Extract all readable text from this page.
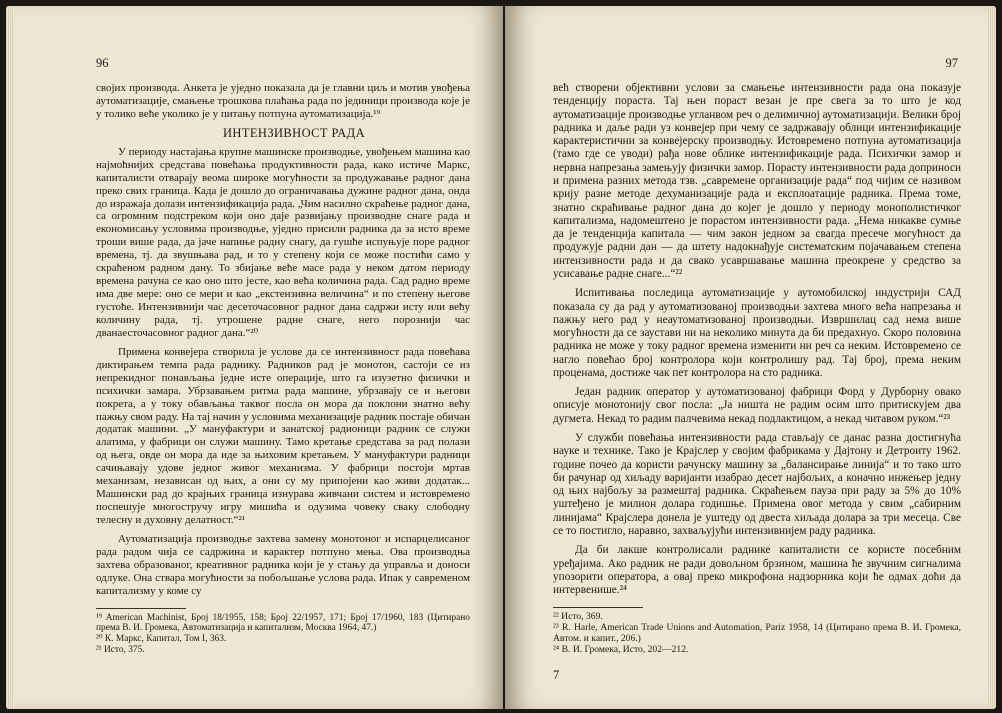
96

својих производа. Анкета је уједно показала да је главни циљ и мотив увођења аутоматизације, смањење трошкова плаћања рада по јединици производа које је у толико веће уколико је у питању потпуна аутоматизација.¹⁹

ИНТЕНЗИВНОСТ РАДА

У периоду настајања крупне машинске производње, увођењем машина као најмоћнијих средстава повећања продуктивности рада, како истиче Маркс, капиталисти отварају веома широке могућности за продужавање радног дана преко свих граница. Када је дошло до ограничавања дужине радног дана, онда до изражаја долази интензификација рада. „Чим насилно скраћење радног дана, са огромним подстреком који оно даје развијању производне снаге рада и економисању условима производње, уједно присили радника да за исто време троши више рада, да јаче напиње радну снагу, да гушће испуњује поре радног времена, тј. да звушњава рад, и то у степену који се може постићи само у скраћеном радном дану. То збијање веће масе рада у неком датом периоду времена рачуна се као оно што јесте, као већа количина рада. Сад радно време има две мере: оно се мери и као „екстензивна величина“ и по степену његове густоће. Интензивнији час десеточасовног радног дана садржи исту или већу количину рада, тј. утрошене радне снаге, него порознији час дванаесточасовног радног дана.“²⁰

Примена конвејера створила је услове да се интензивност рада повећава диктирањем темпа рада раднику. Радников рад је монотон, састоји се из непрекидног понављања једне исте операције, што га изузетно физички и психички замара. Убрзавањем ритма рада машине, убрзавају се и његови покрета, а у току обављања таквог посла он мора да поклони знатно већу пажњу свом раду. На тај начин у условима механизације радник постаје обичан додатак машини. „У мануфактури и занатској радионици радник се служи алатима, у фабрици он служи машину. Тамо кретање средстава за рад полази од њега, овде он мора да иде за њиховим кретањем. У мануфактури радници сачињавају удове једног живог механизма. У фабрици постоји мртав механизам, независан од њих, а они су му припојени као живи додатак... Машински рад до крајњих граница изнурава живчани систем и истовремено поспешује многостручу игру мишића и одузима човеку сваку слободну телесну и духовну делатност.“²¹

Аутоматизација производње захтева замену монотоног и испарцелисаног рада радом чија се садржина и карактер потпуно мења. Ова производња захтева образованог, креативног радника који је у стању да управља и доноси одлуке. Она ствара могућности за побољшање услова рада. Ипак у савременом капитализму у коме су

¹⁹ American Machinist, Број 18/1955, 158; Број 22/1957, 171; Број 17/1960, 183 (Цитирано према В. И. Громека, Автоматизација и капитализм, Москва 1964, 47.)
²⁰ К. Маркс, Капитал, Том I, 363.
²¹ Исто, 375.
97

већ створени објективни услови за смањење интензивности рада она показује тенденцију пораста. Тај њен пораст везан је пре свега за то што је код аутоматизације производње угланвом реч о делимичној аутоматизацији. Велики број радника и даље ради уз конвејер при чему се задржавају облици интензификације карактеристични за конвејерску производњу. Истовремено потпуна аутоматизација (тамо где се уводи) рађа нове облике интензификације рада. Психички замор и нервна напрезања замењују физички замор. Порасту интензивности рада доприноси и примена разних метода тзв. „савремене организације рада“ под чијим се називом крију разне методе дехуманизације рада и експлоатације радника. Према томе, знатно скраћивање радног дана до којег је дошло у периоду монополистичког капитализма, надомештено је порастом интензивности рада. „Нема никакве сумње да је тенденција капитала — чим закон једном за свагда пресече могућност да продужује радни дан — да штету надокнађује систематским појачавањем степена интензивности рада и да свако усавршавање машина преокрене у средство за усисавање радне снаге...“²²

Испитивања последица аутоматизације у аутомобилској индустрији САД показала су да рад у аутоматизованој производњи захтева много већа напрезања и пажњу него рад у неаутоматизованој производњи. Извршилац сад нема више могућности да се заустави ни на неколико минута да би предахнуо. Скоро половина радника не може у току радног времена изменити ни реч са неким. Истовремено се нагло повећао број контролора који контролишу рад. Тај број, према неким проценама, достиже чак пет контролора на сто радника.

Један радник оператор у аутоматизованој фабрици Форд у Дурборну овако описује монотонију свог посла: „Ја ништа не радим осим што притискујем два дугмета. Некад то радим палчевима некад подлактицом, а некад читавом руком.“²³

У служби повећања интензивности рада стављају се данас разна достигнућа науке и технике. Тако је Крајслер у својим фабрикама у Дајтону и Детроиту 1962. године почео да користи рачунску машину за „балансирање линија“ и то тако што би рачунар од хиљаду варијанти изабрао десет најбољих, а коначно инжењер једну од њих најбољу за размештај радника. Скраћењем пауза при раду за 5% до 10% уштеђено је милион долара годишње. Примена овог метода у свим „сабирним линијама“ Крајслера донела је уштеду од двеста хиљада долара за три месеца. Све се то постигло, наравно, захваљујући интензивнијем раду радника.

Да би лакше контролисали раднике капиталисти се користе посебним уређајима. Ако радник не ради довољном брзином, машина ће звучним сигналима упозорити оператора, а овај преко микрофона надзорника који ће одмах доћи да интервенише.²⁴

²² Исто, 369.
²³ R. Harle, American Trade Unions and Automation, Pariz 1958, 14 (Цитирано према В. И. Громека, Автом. и капит., 206.)
²⁴ В. И. Громека, Исто, 202—212.
7
